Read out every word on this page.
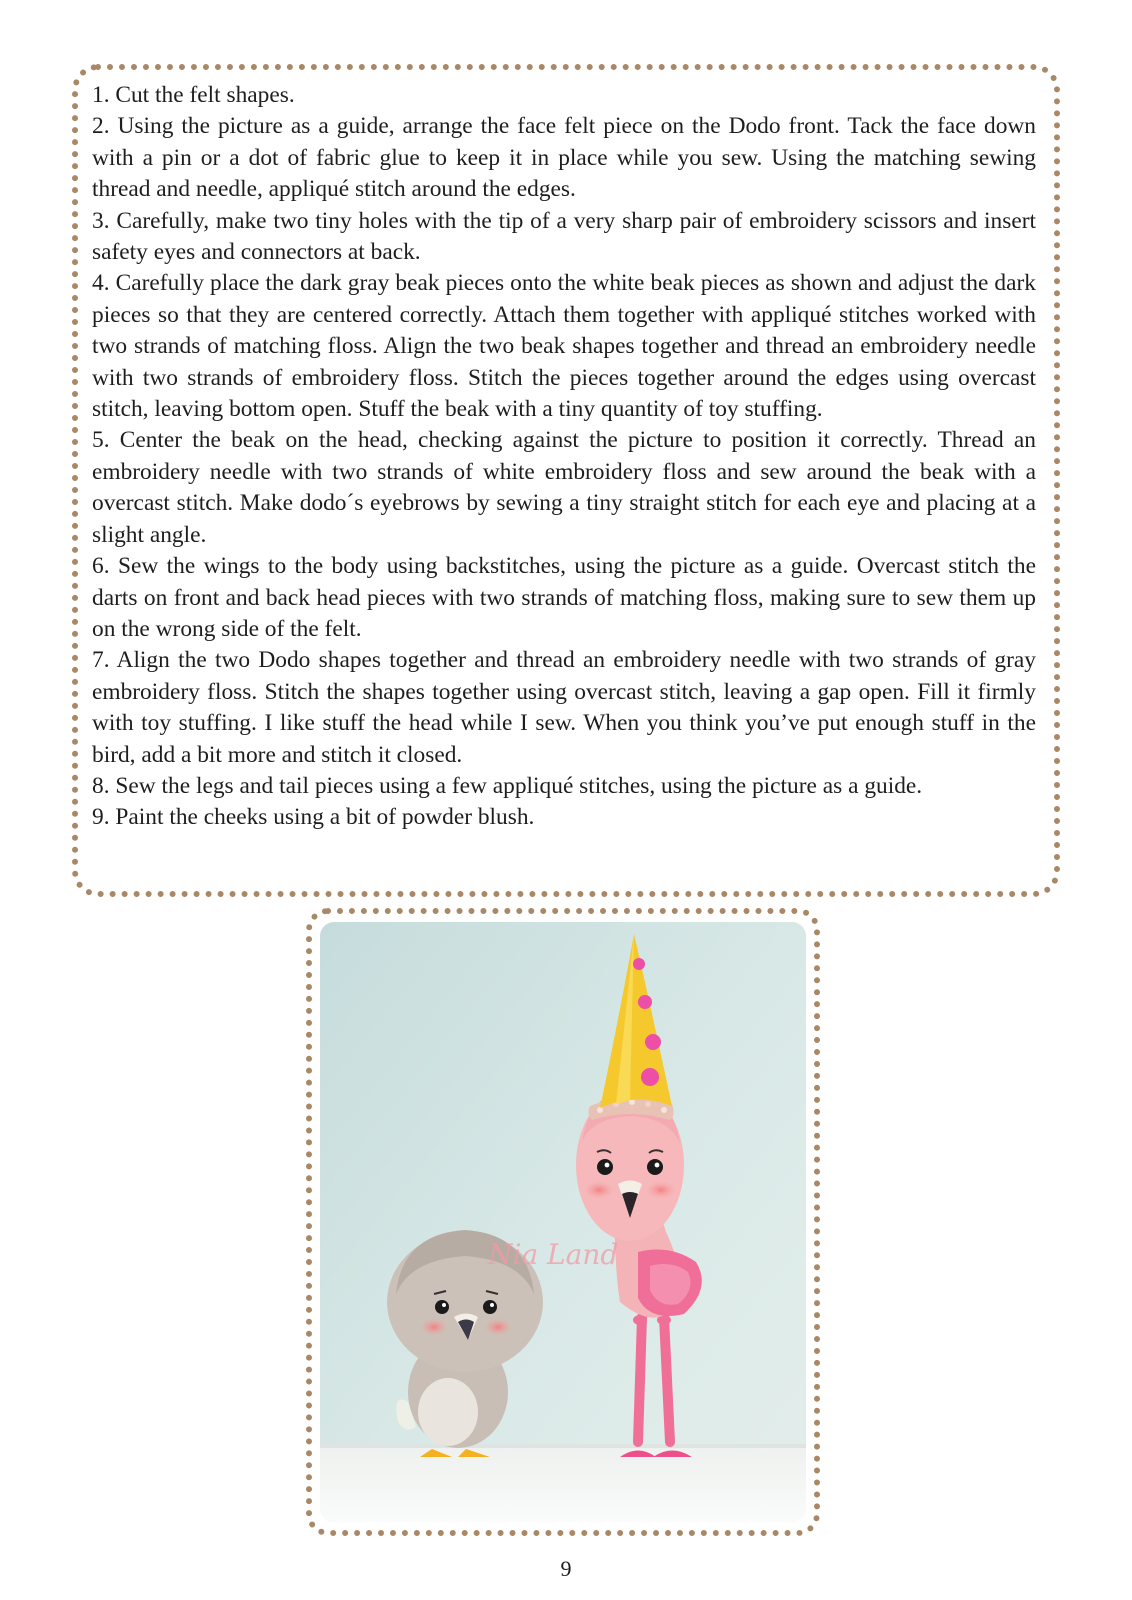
1. Cut the felt shapes.
2. Using the picture as a guide, arrange the face felt piece on the Dodo front. Tack the face down with a pin or a dot of fabric glue to keep it in place while you sew. Using the matching sewing thread and needle, appliqué stitch around the edges.
3. Carefully, make two tiny holes with the tip of a very sharp pair of embroidery scissors and insert safety eyes and connectors at back.
4. Carefully place the dark gray beak pieces onto the white beak pieces as shown and adjust the dark pieces so that they are centered correctly. Attach them together with appliqué stitches worked with two strands of matching floss. Align the two beak shapes together and thread an embroidery needle with two strands of embroidery floss. Stitch the pieces together around the edges using overcast stitch, leaving bottom open. Stuff the beak with a tiny quantity of toy stuffing.
5. Center the beak on the head, checking against the picture to position it correctly. Thread an embroidery needle with two strands of white embroidery floss and sew around the beak with a overcast stitch. Make dodo´s eyebrows by sewing a tiny straight stitch for each eye and placing at a slight angle.
6. Sew the wings to the body using backstitches, using the picture as a guide. Overcast stitch the darts on front and back head pieces with two strands of matching floss, making sure to sew them up on the wrong side of the felt.
7. Align the two Dodo shapes together and thread an embroidery needle with two strands of gray embroidery floss. Stitch the shapes together using overcast stitch, leaving a gap open. Fill it firmly with toy stuffing. I like stuff the head while I sew. When you think you’ve put enough stuff in the bird, add a bit more and stitch it closed.
8. Sew the legs and tail pieces using a few appliqué stitches, using the picture as a guide.
9. Paint the cheeks using a bit of powder blush.
Nia Land
9
